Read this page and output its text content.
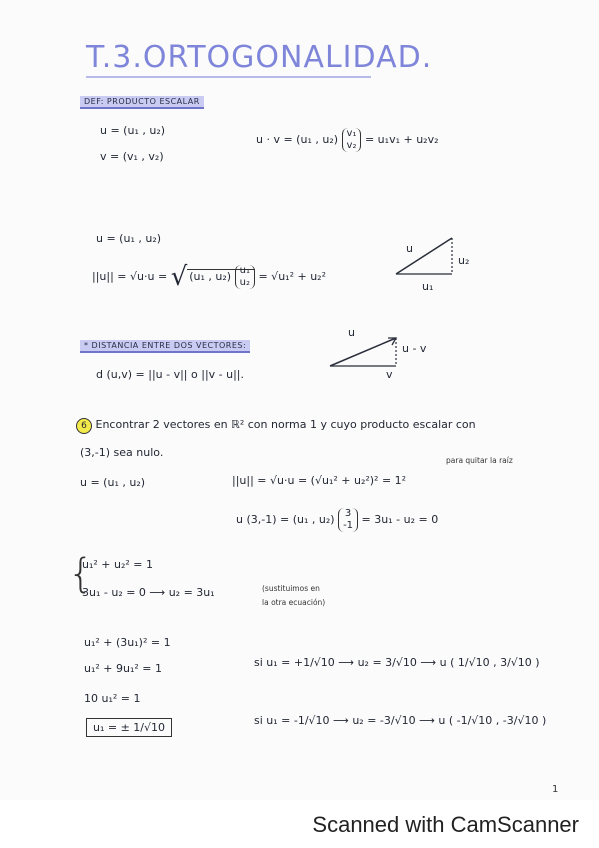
T.3.ORTOGONALIDAD.
DEF: PRODUCTO ESCALAR
u = (u₁ , u₂)
v = (v₁ , v₂)
u · v = (u₁ , u₂) v₁
v₂ = u₁v₁ + u₂v₂
u = (u₁ , u₂)
||u|| = √u·u = √ (u₁ , u₂) u₁
u₂ = √u₁² + u₂²
u
u₂
u₁
* DISTANCIA ENTRE DOS VECTORES:
d (u,v) = ||u - v|| o ||v - u||.
u
u - v
v
6 Encontrar 2 vectores en ℝ² con norma 1 y cuyo producto escalar con
(3,-1) sea nulo.
u = (u₁ , u₂)	||u|| = √u·u = (√u₁² + u₂²)² = 1²
para quitar la raíz
u (3,-1) = (u₁ , u₂) 3
-1 = 3u₁ - u₂ = 0
{
u₁² + u₂² = 1
3u₁ - u₂ = 0 ⟶ u₂ = 3u₁	(sustituimos en
la otra ecuación)
u₁² + (3u₁)² = 1
u₁² + 9u₁² = 1
10 u₁² = 1
u₁ = ± 1/√10
si u₁ = +1/√10 ⟶ u₂ = 3/√10 ⟶ u ( 1/√10 , 3/√10 )
si u₁ = -1/√10 ⟶ u₂ = -3/√10 ⟶ u ( -1/√10 , -3/√10 )
1
Scanned with CamScanner
